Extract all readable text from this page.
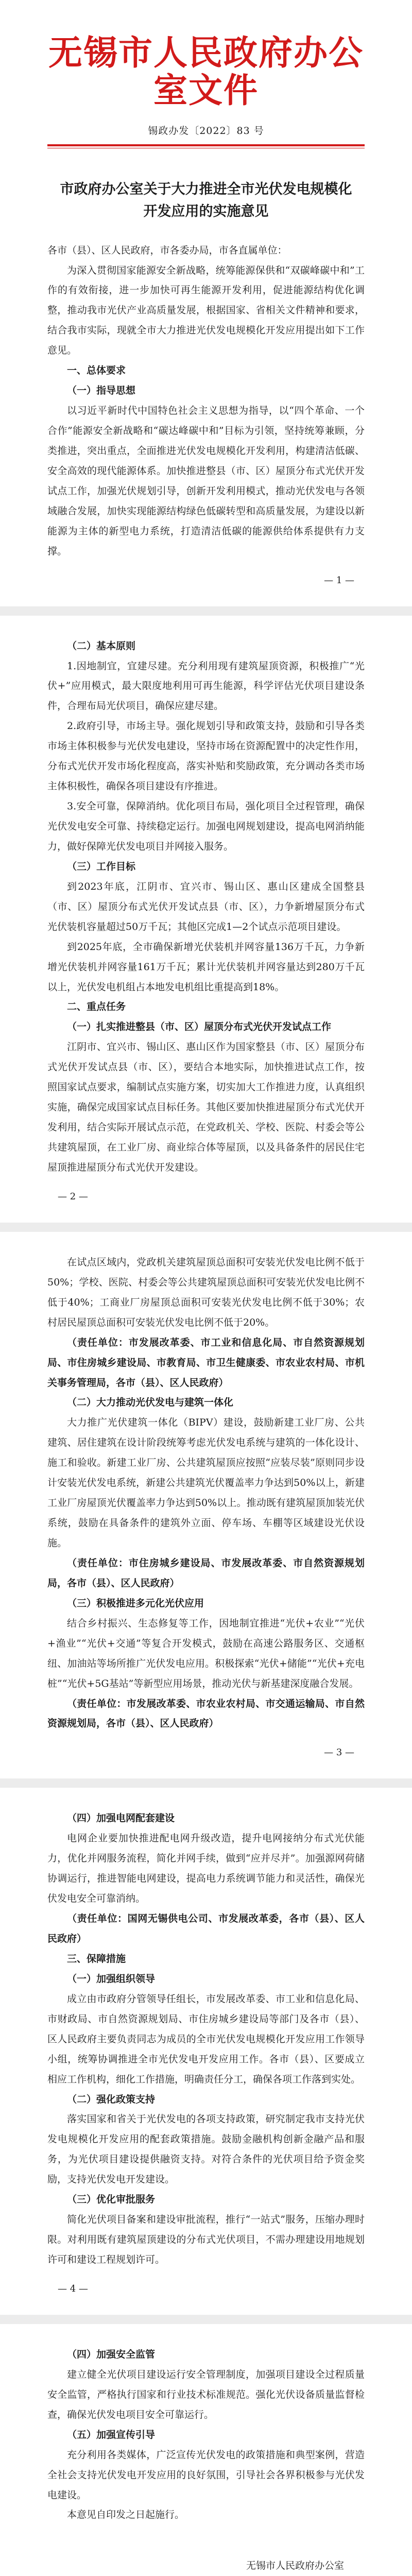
无锡市人民政府办公室文件
锡政办发〔2022〕83 号
市政府办公室关于大力推进全市光伏发电规模化开发应用的实施意见

各市（县）、区人民政府，市各委办局，市各直属单位：

为深入贯彻国家能源安全新战略，统筹能源保供和“双碳峰碳中和”工作的有效衔接，进一步加快可再生能源开发利用，促进能源结构优化调整，推动我市光伏产业高质量发展，根据国家、省相关文件精神和要求，结合我市实际，现就全市大力推进光伏发电规模化开发应用提出如下工作意见。

一、总体要求
（一）指导思想

以习近平新时代中国特色社会主义思想为指导，以“四个革命、一个合作”能源安全新战略和“碳达峰碳中和”目标为引领，坚持统筹兼顾，分类推进，突出重点，全面推进光伏发电规模化开发利用，构建清洁低碳、安全高效的现代能源体系。加快推进整县（市、区）屋顶分布式光伏开发试点工作，加强光伏规划引导，创新开发利用模式，推动光伏发电与各领域融合发展，加快实现能源结构绿色低碳转型和高质量发展，为建设以新能源为主体的新型电力系统，打造清洁低碳的能源供给体系提供有力支撑。

— 1 —
（二）基本原则

1.因地制宜，宜建尽建。充分利用现有建筑屋顶资源，积极推广“光伏+”应用模式，最大限度地利用可再生能源，科学评估光伏项目建设条件，合理布局光伏项目，确保应建尽建。

2.政府引导，市场主导。强化规划引导和政策支持，鼓励和引导各类市场主体积极参与光伏发电建设，坚持市场在资源配置中的决定性作用，分布式光伏开发市场化程度高，落实补贴和奖励政策，充分调动各类市场主体积极性，确保各项目建设有序推进。

3.安全可靠，保障消纳。优化项目布局，强化项目全过程管理，确保光伏发电安全可靠、持续稳定运行。加强电网规划建设，提高电网消纳能力，做好保障光伏发电项目并网接入服务。

（三）工作目标

到2023年底，江阴市、宜兴市、锡山区、惠山区建成全国整县（市、区）屋顶分布式光伏开发试点县（市、区），力争新增屋顶分布式光伏装机容量超过50万千瓦；其他区完成1—2个试点示范项目建设。

到2025年底，全市确保新增光伏装机并网容量136万千瓦，力争新增光伏装机并网容量161万千瓦；累计光伏装机并网容量达到280万千瓦以上，光伏发电机组占本地发电机组比重提高到18%。

二、重点任务
（一）扎实推进整县（市、区）屋顶分布式光伏开发试点工作

江阴市、宜兴市、锡山区、惠山区作为国家整县（市、区）屋顶分布式光伏开发试点县（市、区），要结合本地实际，加快推进试点工作，按照国家试点要求，编制试点实施方案，切实加大工作推进力度，认真组织实施，确保完成国家试点目标任务。其他区要加快推进屋顶分布式光伏开发利用，结合实际开展试点示范，在党政机关、学校、医院、村委会等公共建筑屋顶，在工业厂房、商业综合体等屋顶，以及具备条件的居民住宅屋顶推进屋顶分布式光伏开发建设。

— 2 —

在试点区域内，党政机关建筑屋顶总面积可安装光伏发电比例不低于50%；学校、医院、村委会等公共建筑屋顶总面积可安装光伏发电比例不低于40%；工商业厂房屋顶总面积可安装光伏发电比例不低于30%；农村居民屋顶总面积可安装光伏发电比例不低于20%。

（责任单位：市发展改革委、市工业和信息化局、市自然资源规划局、市住房城乡建设局、市教育局、市卫生健康委、市农业农村局、市机关事务管理局，各市（县）、区人民政府）

（二）大力推动光伏发电与建筑一体化

大力推广光伏建筑一体化（BIPV）建设，鼓励新建工业厂房、公共建筑、居住建筑在设计阶段统筹考虑光伏发电系统与建筑的一体化设计、施工和验收。新建工业厂房、公共建筑屋顶应按照“应装尽装”原则同步设计安装光伏发电系统，新建公共建筑光伏覆盖率力争达到50%以上，新建工业厂房屋顶光伏覆盖率力争达到50%以上。推动既有建筑屋顶加装光伏系统，鼓励在具备条件的建筑外立面、停车场、车棚等区域建设光伏设施。

（责任单位：市住房城乡建设局、市发展改革委、市自然资源规划局，各市（县）、区人民政府）

（三）积极推进多元化光伏应用

结合乡村振兴、生态修复等工作，因地制宜推进“光伏+农业”“光伏+渔业”“光伏+交通”等复合开发模式，鼓励在高速公路服务区、交通枢纽、加油站等场所推广光伏发电应用。积极探索“光伏+储能”“光伏+充电桩”“光伏+5G基站”等新型应用场景，推动光伏与新基建深度融合发展。

（责任单位：市发展改革委、市农业农村局、市交通运输局、市自然资源规划局，各市（县）、区人民政府）

— 3 —
（四）加强电网配套建设

电网企业要加快推进配电网升级改造，提升电网接纳分布式光伏能力，优化并网服务流程，简化并网手续，做到“应并尽并”。加强源网荷储协调运行，推进智能电网建设，提高电力系统调节能力和灵活性，确保光伏发电安全可靠消纳。

（责任单位：国网无锡供电公司、市发展改革委，各市（县）、区人民政府）

三、保障措施
（一）加强组织领导

成立由市政府分管领导任组长，市发展改革委、市工业和信息化局、市财政局、市自然资源规划局、市住房城乡建设局等部门及各市（县）、区人民政府主要负责同志为成员的全市光伏发电规模化开发应用工作领导小组，统筹协调推进全市光伏发电开发应用工作。各市（县）、区要成立相应工作机构，细化工作措施，明确责任分工，确保各项工作落到实处。

（二）强化政策支持

落实国家和省关于光伏发电的各项支持政策，研究制定我市支持光伏发电规模化开发应用的配套政策措施。鼓励金融机构创新金融产品和服务，为光伏项目建设提供融资支持。对符合条件的光伏项目给予资金奖励，支持光伏发电开发建设。

（三）优化审批服务

简化光伏项目备案和建设审批流程，推行“一站式”服务，压缩办理时限。对利用既有建筑屋顶建设的分布式光伏项目，不需办理建设用地规划许可和建设工程规划许可。

— 4 —
（四）加强安全监管

建立健全光伏项目建设运行安全管理制度，加强项目建设全过程质量安全监管，严格执行国家和行业技术标准规范。强化光伏设备质量监督检查，确保光伏发电项目安全可靠运行。

（五）加强宣传引导

充分利用各类媒体，广泛宣传光伏发电的政策措施和典型案例，营造全社会支持光伏发电开发应用的良好氛围，引导社会各界积极参与光伏发电建设。

本意见自印发之日起施行。

无锡市人民政府办公室
